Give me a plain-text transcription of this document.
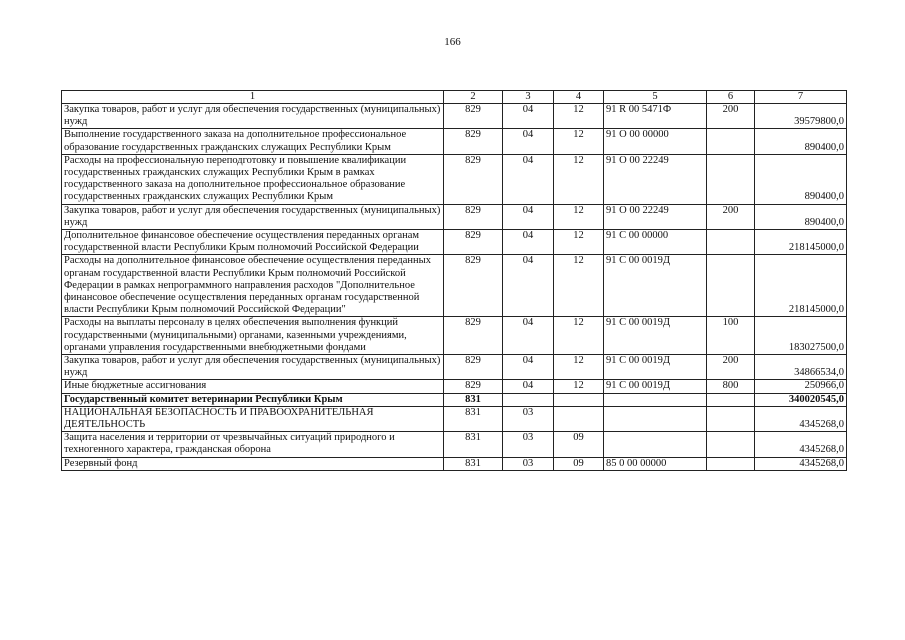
166
1	2	3	4	5	6	7
Закупка товаров, работ и услуг для обеспечения государственных (муниципальных) нужд	829	04	12	91 R 00 5471Ф	200	39579800,0
Выполнение государственного заказа на дополнительное профессиональное образование государственных гражданских служащих Республики Крым	829	04	12	91 О 00 00000		890400,0
Расходы на профессиональную переподготовку и повышение квалификации государственных гражданских служащих Республики Крым в рамках государственного заказа на дополнительное профессиональное образование государственных гражданских служащих Республики Крым	829	04	12	91 О 00 22249		890400,0
Закупка товаров, работ и услуг для обеспечения государственных (муниципальных) нужд	829	04	12	91 О 00 22249	200	890400,0
Дополнительное финансовое обеспечение осуществления переданных органам государственной власти Республики Крым полномочий Российской Федерации	829	04	12	91 С 00 00000		218145000,0
Расходы на дополнительное финансовое обеспечение осуществления переданных органам государственной власти Республики Крым полномочий Российской Федерации в рамках непрограммного направления расходов "Дополнительное финансовое обеспечение осуществления переданных органам государственной власти Республики Крым полномочий Российской Федерации"	829	04	12	91 С 00 0019Д		218145000,0
Расходы на выплаты персоналу в целях обеспечения выполнения функций государственными (муниципальными) органами, казенными учреждениями, органами управления государственными внебюджетными фондами	829	04	12	91 С 00 0019Д	100	183027500,0
Закупка товаров, работ и услуг для обеспечения государственных (муниципальных) нужд	829	04	12	91 С 00 0019Д	200	34866534,0
Иные бюджетные ассигнования	829	04	12	91 С 00 0019Д	800	250966,0
Государственный комитет ветеринарии Республики Крым	831					340020545,0
НАЦИОНАЛЬНАЯ БЕЗОПАСНОСТЬ И ПРАВООХРАНИТЕЛЬНАЯ ДЕЯТЕЛЬНОСТЬ	831	03				4345268,0
Защита населения и территории от чрезвычайных ситуаций природного и техногенного характера, гражданская оборона	831	03	09			4345268,0
Резервный фонд	831	03	09	85 0 00 00000		4345268,0
